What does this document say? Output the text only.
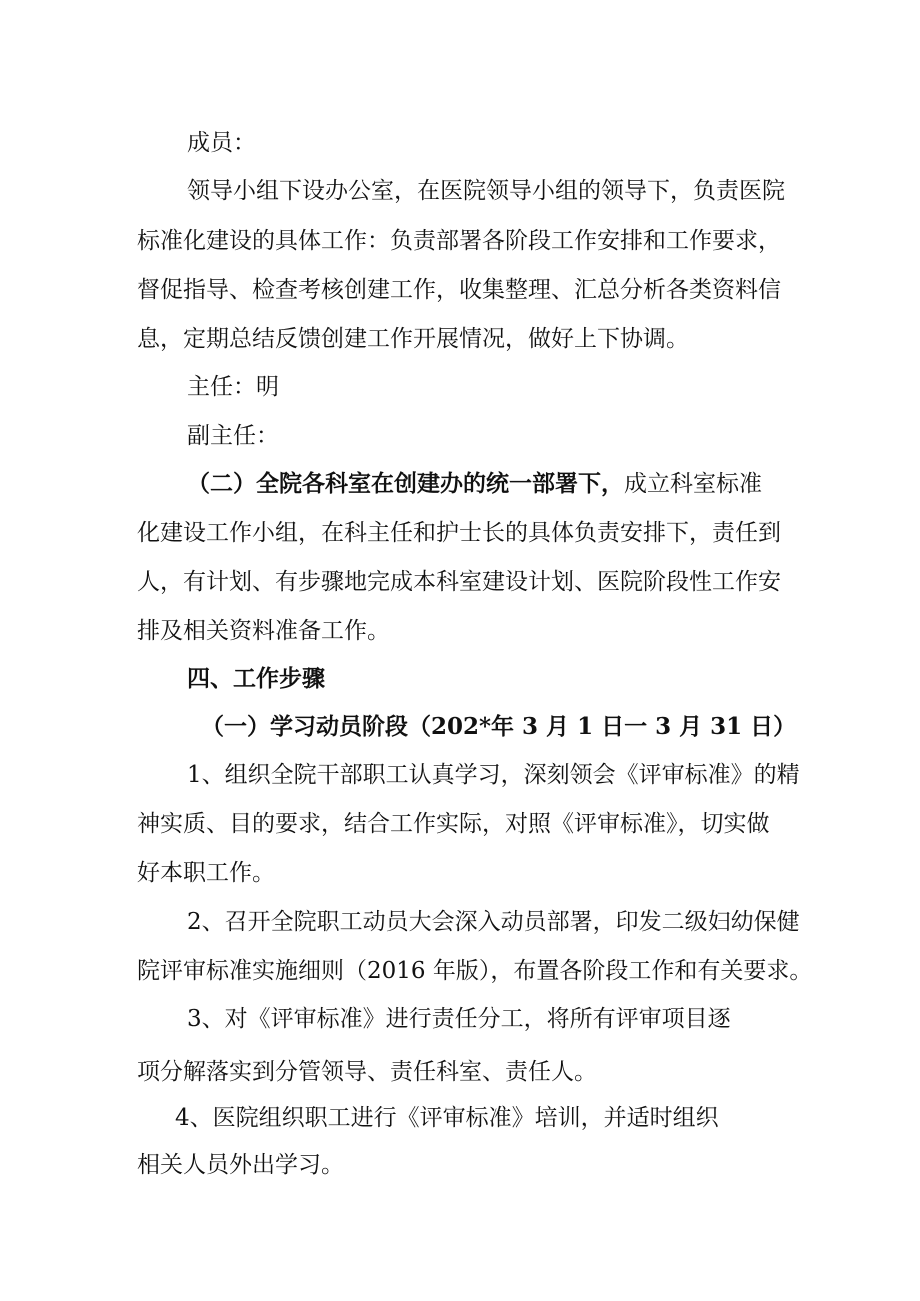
成员：
领导小组下设办公室，在医院领导小组的领导下，负责医院
标准化建设的具体工作：负责部署各阶段工作安排和工作要求，
督促指导、检查考核创建工作，收集整理、汇总分析各类资料信
息，定期总结反馈创建工作开展情况，做好上下协调。
主任：明
副主任：
（二）全院各科室在创建办的统一部署下，成立科室标准
化建设工作小组，在科主任和护士长的具体负责安排下，责任到
人，有计划、有步骤地完成本科室建设计划、医院阶段性工作安
排及相关资料准备工作。
四、工作步骤
（一）学习动员阶段（202*年 3 月 1 日一 3 月 31 日）
1、组织全院干部职工认真学习，深刻领会《评审标准》的精
神实质、目的要求，结合工作实际，对照《评审标准》，切实做
好本职工作。
2、召开全院职工动员大会深入动员部署，印发二级妇幼保健
院评审标准实施细则（2016 年版），布置各阶段工作和有关要求。
3、对《评审标准》进行责任分工，将所有评审项目逐
项分解落实到分管领导、责任科室、责任人。
4、医院组织职工进行《评审标准》培训，并适时组织
相关人员外出学习。
